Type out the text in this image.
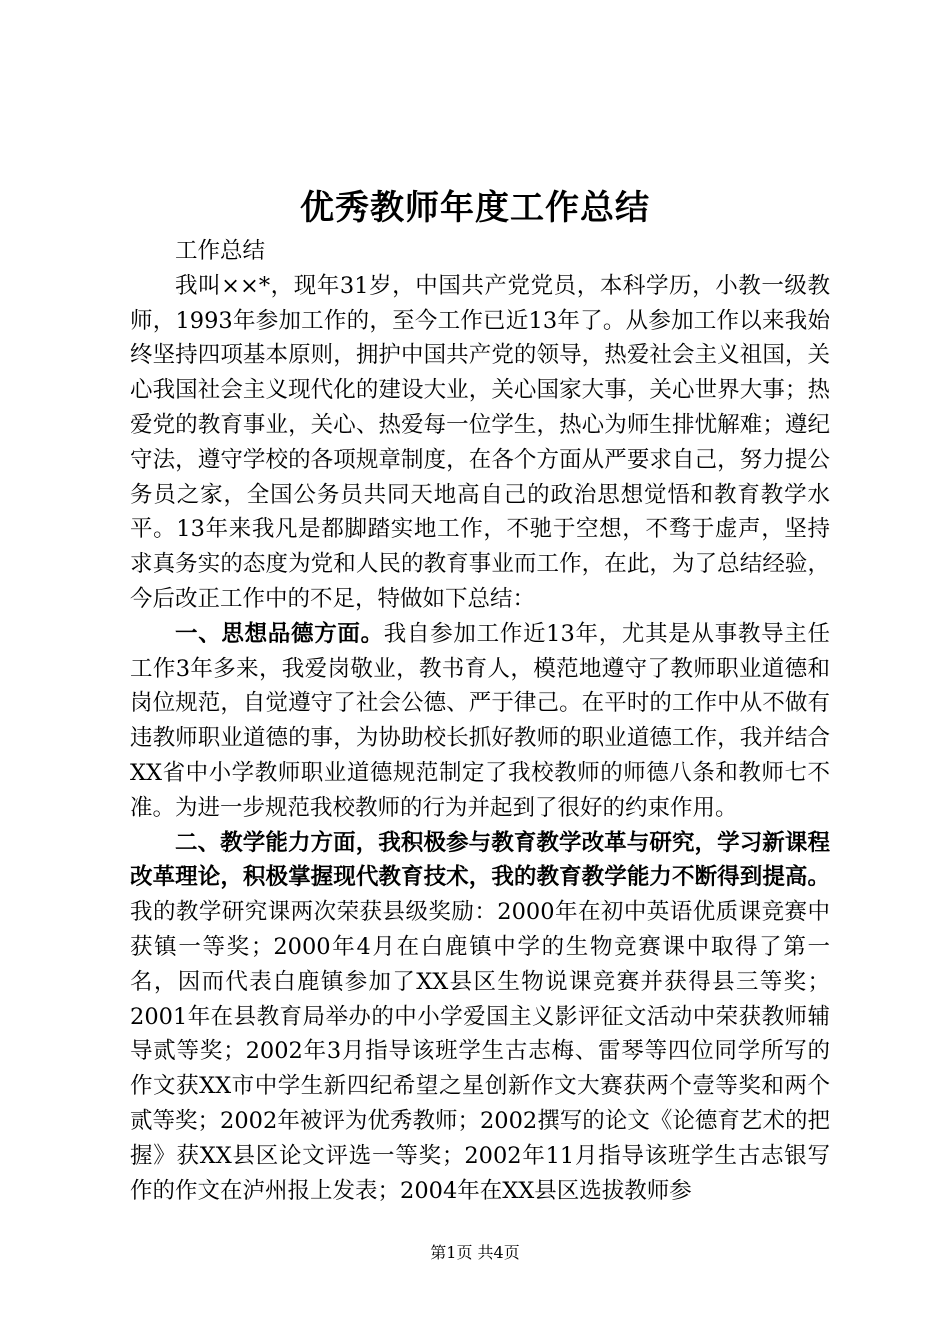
优秀教师年度工作总结

工作总结

我叫××*，现年31岁，中国共产党党员，本科学历，小教一级教师，1993年参加工作的，至今工作已近13年了。从参加工作以来我始终坚持四项基本原则，拥护中国共产党的领导，热爱社会主义祖国，关心我国社会主义现代化的建设大业，关心国家大事，关心世界大事；热爱党的教育事业，关心、热爱每一位学生，热心为师生排忧解难；遵纪守法，遵守学校的各项规章制度，在各个方面从严要求自己，努力提公务员之家，全国公务员共同天地高自己的政治思想觉悟和教育教学水平。13年来我凡是都脚踏实地工作，不驰于空想，不骛于虚声，坚持求真务实的态度为党和人民的教育事业而工作，在此，为了总结经验，今后改正工作中的不足，特做如下总结：

一、思想品德方面。我自参加工作近13年，尤其是从事教导主任工作3年多来，我爱岗敬业，教书育人，模范地遵守了教师职业道德和岗位规范，自觉遵守了社会公德、严于律己。在平时的工作中从不做有违教师职业道德的事，为协助校长抓好教师的职业道德工作，我并结合XX省中小学教师职业道德规范制定了我校教师的师德八条和教师七不准。为进一步规范我校教师的行为并起到了很好的约束作用。

二、教学能力方面，我积极参与教育教学改革与研究，学习新课程改革理论，积极掌握现代教育技术，我的教育教学能力不断得到提高。我的教学研究课两次荣获县级奖励：2000年在初中英语优质课竞赛中获镇一等奖；2000年4月在白鹿镇中学的生物竞赛课中取得了第一名，因而代表白鹿镇参加了XX县区生物说课竞赛并获得县三等奖；2001年在县教育局举办的中小学爱国主义影评征文活动中荣获教师辅导贰等奖；2002年3月指导该班学生古志梅、雷琴等四位同学所写的作文获XX市中学生新四纪希望之星创新作文大赛获两个壹等奖和两个贰等奖；2002年被评为优秀教师；2002撰写的论文《论德育艺术的把握》获XX县区论文评选一等奖；2002年11月指导该班学生古志银写作的作文在泸州报上发表；2004年在XX县区选拔教师参

第1页 共4页
